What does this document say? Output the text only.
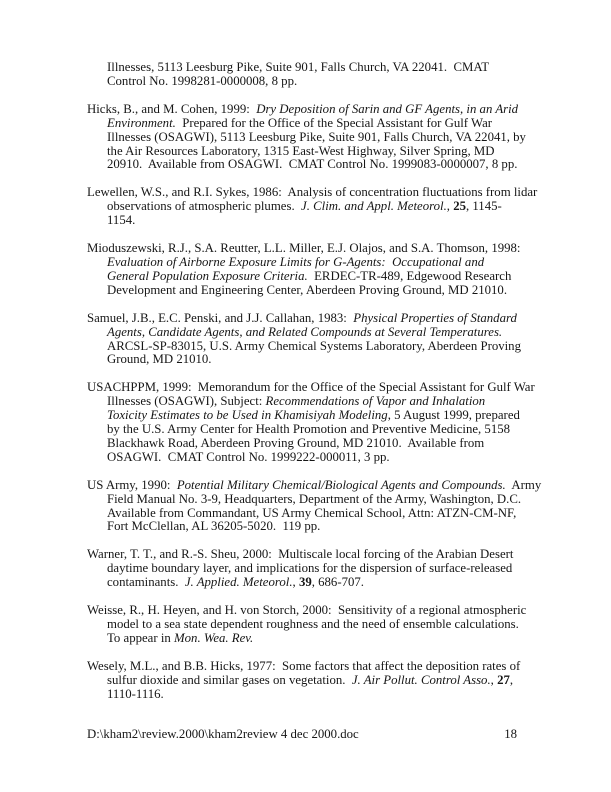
Illnesses, 5113 Leesburg Pike, Suite 901, Falls Church, VA 22041.  CMAT
Control No. 1998281-0000008, 8 pp.
Hicks, B., and M. Cohen, 1999:  Dry Deposition of Sarin and GF Agents, in an Arid
Environment.  Prepared for the Office of the Special Assistant for Gulf War
Illnesses (OSAGWI), 5113 Leesburg Pike, Suite 901, Falls Church, VA 22041, by
the Air Resources Laboratory, 1315 East-West Highway, Silver Spring, MD
20910.  Available from OSAGWI.  CMAT Control No. 1999083-0000007, 8 pp.
Lewellen, W.S., and R.I. Sykes, 1986:  Analysis of concentration fluctuations from lidar
observations of atmospheric plumes.  J. Clim. and Appl. Meteorol., 25, 1145-
1154.
Mioduszewski, R.J., S.A. Reutter, L.L. Miller, E.J. Olajos, and S.A. Thomson, 1998:
Evaluation of Airborne Exposure Limits for G-Agents:  Occupational and
General Population Exposure Criteria.  ERDEC-TR-489, Edgewood Research
Development and Engineering Center, Aberdeen Proving Ground, MD 21010.
Samuel, J.B., E.C. Penski, and J.J. Callahan, 1983:  Physical Properties of Standard
Agents, Candidate Agents, and Related Compounds at Several Temperatures.
ARCSL-SP-83015, U.S. Army Chemical Systems Laboratory, Aberdeen Proving
Ground, MD 21010.
USACHPPM, 1999:  Memorandum for the Office of the Special Assistant for Gulf War
Illnesses (OSAGWI), Subject: Recommendations of Vapor and Inhalation
Toxicity Estimates to be Used in Khamisiyah Modeling, 5 August 1999, prepared
by the U.S. Army Center for Health Promotion and Preventive Medicine, 5158
Blackhawk Road, Aberdeen Proving Ground, MD 21010.  Available from
OSAGWI.  CMAT Control No. 1999222-000011, 3 pp.
US Army, 1990:  Potential Military Chemical/Biological Agents and Compounds.  Army
Field Manual No. 3-9, Headquarters, Department of the Army, Washington, D.C.
Available from Commandant, US Army Chemical School, Attn: ATZN-CM-NF,
Fort McClellan, AL 36205-5020.  119 pp.
Warner, T. T., and R.-S. Sheu, 2000:  Multiscale local forcing of the Arabian Desert
daytime boundary layer, and implications for the dispersion of surface-released
contaminants.  J. Applied. Meteorol., 39, 686-707.
Weisse, R., H. Heyen, and H. von Storch, 2000:  Sensitivity of a regional atmospheric
model to a sea state dependent roughness and the need of ensemble calculations.
To appear in Mon. Wea. Rev.
Wesely, M.L., and B.B. Hicks, 1977:  Some factors that affect the deposition rates of
sulfur dioxide and similar gases on vegetation.  J. Air Pollut. Control Asso., 27,
1110-1116.
D:\kham2\review.2000\kham2review 4 dec 2000.doc	18
